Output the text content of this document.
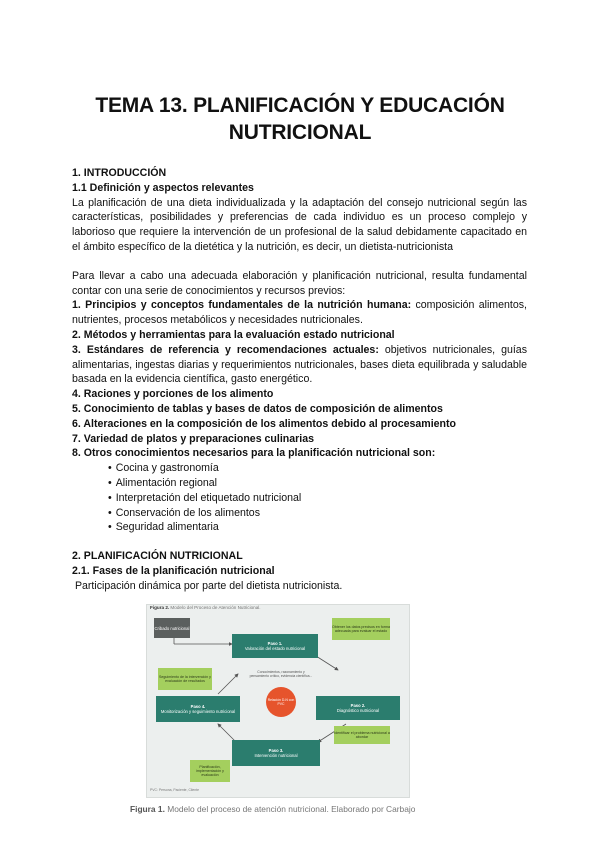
TEMA 13. PLANIFICACIÓN Y EDUCACIÓN
NUTRICIONAL

1. INTRODUCCIÓN

1.1 Definición y aspectos relevantes

La planificación de una dieta individualizada y la adaptación del consejo nutricional según las características, posibilidades y preferencias de cada individuo es un proceso complejo y laborioso que requiere la intervención de un profesional de la salud debidamente capacitado en el ámbito específico de la dietética y la nutrición, es decir, un dietista-nutricionista

Para llevar a cabo una adecuada elaboración y planificación nutricional, resulta fundamental contar con una serie de conocimientos y recursos previos:

1. Principios y conceptos fundamentales de la nutrición humana: composición alimentos, nutrientes, procesos metabólicos y necesidades nutricionales.

2. Métodos y herramientas para la evaluación estado nutricional

3. Estándares de referencia y recomendaciones actuales: objetivos nutricionales, guías alimentarias, ingestas diarias y requerimientos nutricionales, bases dieta equilibrada y saludable basada en la evidencia científica, gasto energético.

4. Raciones y porciones de los alimento

5. Conocimiento de tablas y bases de datos de composición de alimentos

6. Alteraciones en la composición de los alimentos debido al procesamiento

7. Variedad de platos y preparaciones culinarias

8. Otros conocimientos necesarios para la planificación nutricional son:

• Cocina y gastronomía
• Alimentación regional
• Interpretación del etiquetado nutricional
• Conservación de los alimentos
• Seguridad alimentaria

2. PLANIFICACIÓN NUTRICIONAL

2.1. Fases de la planificación nutricional

Participación dinámica por parte del dietista nutricionista.

Figura 2. Modelo del Proceso de Atención Nutricional.
Cribado nutricional
Paso 1.
Valoración del estado nutricional
Paso 2.
Diagnóstico nutricional
Paso 3.
Intervención nutricional
Paso 4.
Monitorización y seguimiento nutricional
Conocimientos, razonamiento y pensamiento crítico, evidencia científica...
Relación D-N con PVC
Obtener los datos precisos en forma adecuada para evaluar el estado
Identificar el problema nutricional a abordar
Seguimiento de la intervención y evaluación de resultados
Planificación, implementación y evaluación
PVC: Persona, Paciente, Cliente
Figura 1. Modelo del proceso de atención nutricional. Elaborado por Carbajo
